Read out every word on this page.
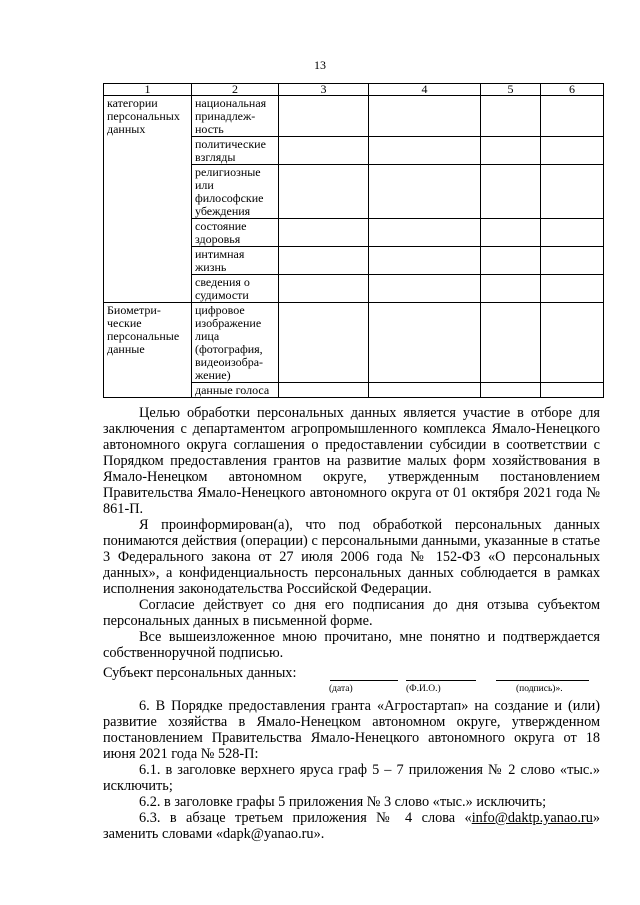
13
1	2	3	4	5	6
категории персональных данных	национальная принадлеж-ность				
	политические взгляды				
	религиозные или философские убеждения				
	состояние здоровья				
	интимная жизнь				
	сведения о судимости				
Биометри-ческие персональные данные	цифровое изображение лица (фотография, видеоизобра-жение)				
	данные голоса				

Целью обработки персональных данных является участие в отборе для заключения с департаментом агропромышленного комплекса Ямало-Ненецкого автономного округа соглашения о предоставлении субсидии в соответствии с Порядком предоставления грантов на развитие малых форм хозяйствования в Ямало-Ненецком автономном округе, утвержденным постановлением Правительства Ямало-Ненецкого автономного округа от 01 октября 2021 года № 861-П.

Я проинформирован(а), что под обработкой персональных данных понимаются действия (операции) с персональными данными, указанные в статье 3 Федерального закона от 27 июля 2006 года № 152-ФЗ «О персональных данных», а конфиденциальность персональных данных соблюдается в рамках исполнения законодательства Российской Федерации.

Согласие действует со дня его подписания до дня отзыва субъектом персональных данных в письменной форме.

Все вышеизложенное мною прочитано, мне понятно и подтверждается собственноручной подписью.

Субъект персональных данных:
(дата)	(Ф.И.О.)	(подпись)».

6. В Порядке предоставления гранта «Агростартап» на создание и (или) развитие хозяйства в Ямало-Ненецком автономном округе, утвержденном постановлением Правительства Ямало-Ненецкого автономного округа от 18 июня 2021 года № 528-П:

6.1. в заголовке верхнего яруса граф 5 – 7 приложения № 2 слово «тыс.» исключить;

6.2. в заголовке графы 5 приложения № 3 слово «тыс.» исключить;

6.3. в абзаце третьем приложения № 4 слова «info@daktp.yanao.ru» заменить словами «dapk@yanao.ru».
